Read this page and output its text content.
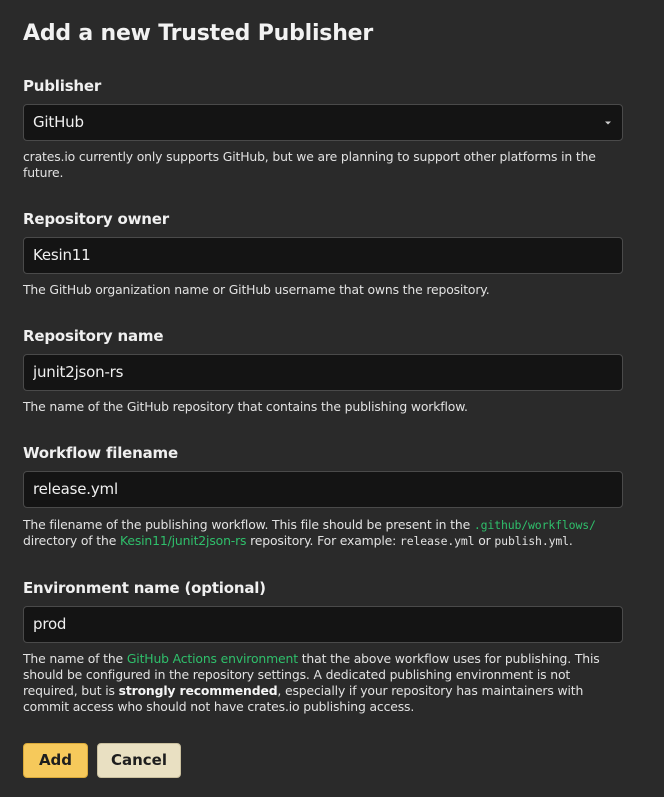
Add a new Trusted Publisher
Publisher
GitHub
crates.io currently only supports GitHub, but we are planning to support other platforms in the future.
Repository owner
Kesin11
The GitHub organization name or GitHub username that owns the repository.
Repository name
junit2json-rs
The name of the GitHub repository that contains the publishing workflow.
Workflow filename
release.yml
The filename of the publishing workflow. This file should be present in the .github/workflows/ directory of the Kesin11/junit2json-rs repository. For example: release.yml or publish.yml.
Environment name (optional)
prod
The name of the GitHub Actions environment that the above workflow uses for publishing. This should be configured in the repository settings. A dedicated publishing environment is not required, but is strongly recommended, especially if your repository has maintainers with commit access who should not have crates.io publishing access.
Add	Cancel
